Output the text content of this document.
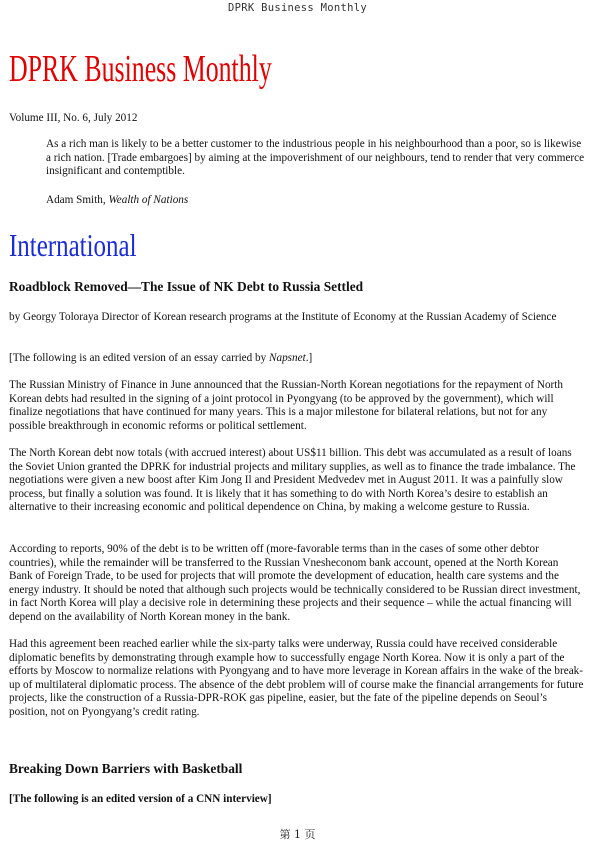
DPRK Business Monthly
DPRK Business Monthly
Volume III, No. 6, July 2012
As a rich man is likely to be a better customer to the industrious people in his neighbourhood than a poor, so is likewise a rich nation. [Trade embargoes] by aiming at the impoverishment of our neighbours, tend to render that very commerce insignificant and contemptible.
Adam Smith, Wealth of Nations
International
Roadblock Removed—The Issue of NK Debt to Russia Settled
by Georgy Toloraya Director of Korean research programs at the Institute of Economy at the Russian Academy of Science
[The following is an edited version of an essay carried by Napsnet.]
The Russian Ministry of Finance in June announced that the Russian-North Korean negotiations for the repayment of North Korean debts had resulted in the signing of a joint protocol in Pyongyang (to be approved by the government), which will finalize negotiations that have continued for many years. This is a major milestone for bilateral relations, but not for any possible breakthrough in economic reforms or political settlement.
The North Korean debt now totals (with accrued interest) about US$11 billion. This debt was accumulated as a result of loans the Soviet Union granted the DPRK for industrial projects and military supplies, as well as to finance the trade imbalance. The negotiations were given a new boost after Kim Jong Il and President Medvedev met in August 2011. It was a painfully slow process, but finally a solution was found. It is likely that it has something to do with North Korea’s desire to establish an alternative to their increasing economic and political dependence on China, by making a welcome gesture to Russia.
According to reports, 90% of the debt is to be written off (more-favorable terms than in the cases of some other debtor countries), while the remainder will be transferred to the Russian Vnesheconom bank account, opened at the North Korean Bank of Foreign Trade, to be used for projects that will promote the development of education, health care systems and the energy industry. It should be noted that although such projects would be technically considered to be Russian direct investment, in fact North Korea will play a decisive role in determining these projects and their sequence – while the actual financing will depend on the availability of North Korean money in the bank.
Had this agreement been reached earlier while the six-party talks were underway, Russia could have received considerable diplomatic benefits by demonstrating through example how to successfully engage North Korea. Now it is only a part of the efforts by Moscow to normalize relations with Pyongyang and to have more leverage in Korean affairs in the wake of the break-up of multilateral diplomatic process. The absence of the debt problem will of course make the financial arrangements for future projects, like the construction of a Russia-DPR-ROK gas pipeline, easier, but the fate of the pipeline depends on Seoul’s position, not on Pyongyang’s credit rating.
Breaking Down Barriers with Basketball
[The following is an edited version of a CNN interview]
第 1 页
